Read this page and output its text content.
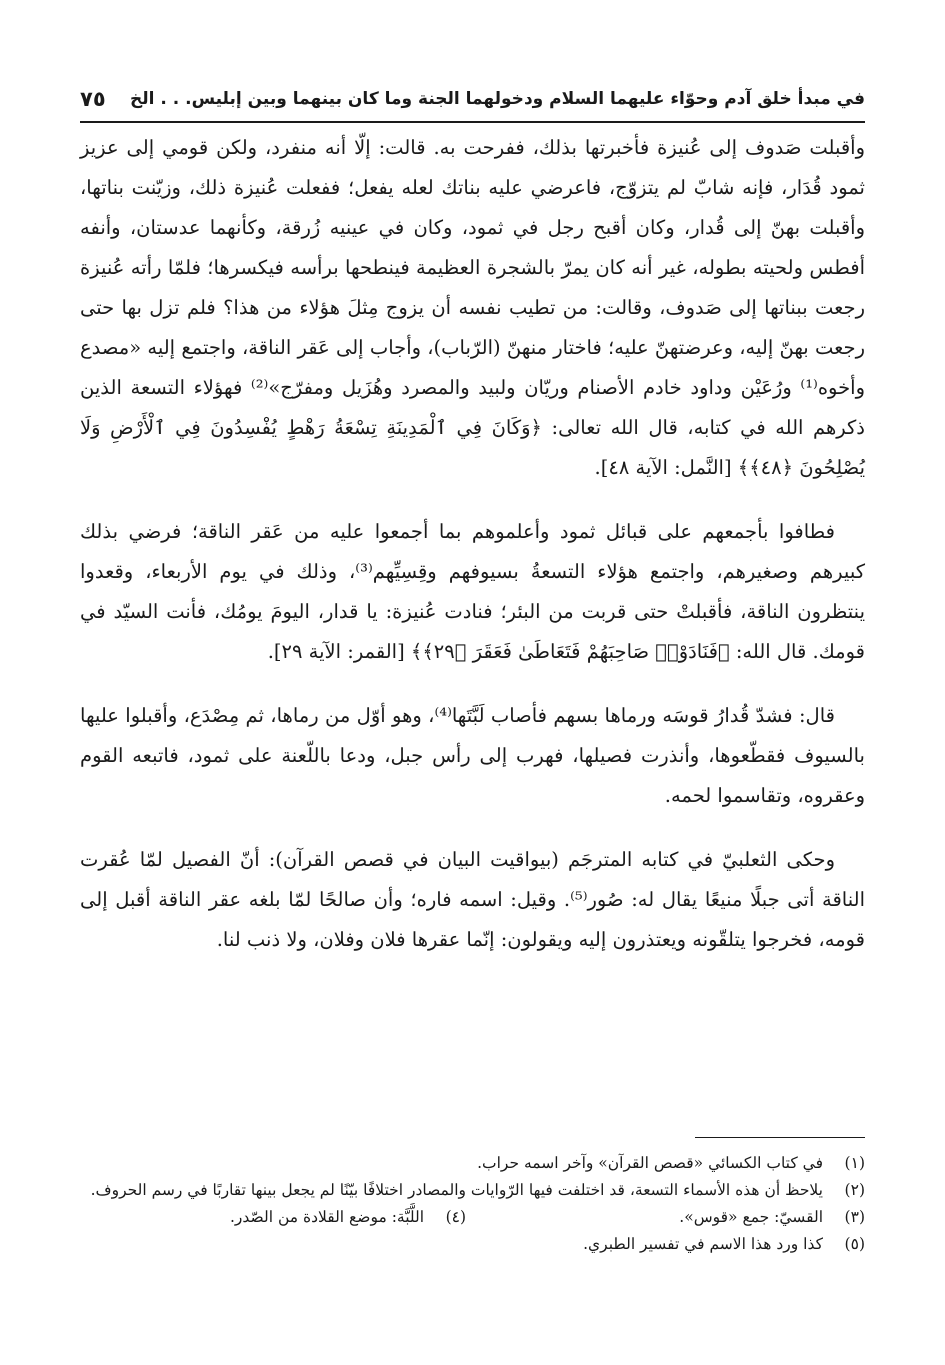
في مبدأ خلق آدم وحوّاء عليهما السلام ودخولهما الجنة وما كان بينهما وبين إبليس. . . الخ
٧٥

وأقبلت صَدوف إلى عُنيزة فأخبرتها بذلك، ففرحت به. قالت: إلّا أنه منفرد، ولكن قومي إلى عزيز ثمود قُدَار، فإنه شابّ لم يتزوّج، فاعرضي عليه بناتك لعله يفعل؛ ففعلت عُنيزة ذلك، وزيّنت بناتها، وأقبلت بهنّ إلى قُدار، وكان أقبح رجل في ثمود، وكان في عينيه زُرقة، وكأنهما عدستان، وأنفه أفطس ولحيته بطوله، غير أنه كان يمرّ بالشجرة العظيمة فينطحها برأسه فيكسرها؛ فلمّا رأته عُنيزة رجعت ببناتها إلى صَدوف، وقالت: من تطيب نفسه أن يزوج مِثلَ هؤلاء من هذا؟ فلم تزل بها حتى رجعت بهنّ إليه، وعرضتهنّ عليه؛ فاختار منهنّ (الرّباب)، وأجاب إلى عَقر الناقة، واجتمع إليه «مصدع وأخوه⁽¹⁾ ورُعَيْن وداود خادم الأصنام وريّان ولبيد والمصرد وهُزَيل ومفرّج»⁽²⁾ فهؤلاء التسعة الذين ذكرهم الله في كتابه، قال الله تعالى: ﴿وَكَانَ فِي ٱلْمَدِينَةِ تِسْعَةُ رَهْطٍ يُفْسِدُونَ فِي ٱلْأَرْضِ وَلَا يُصْلِحُونَ ﴿٤٨﴾﴾ [النَّمل: الآية ٤٨].

فطافوا بأجمعهم على قبائل ثمود وأعلموهم بما أجمعوا عليه من عَقر الناقة؛ فرضي بذلك كبيرهم وصغيرهم، واجتمع هؤلاء التسعةُ بسيوفهم وقِسِيِّهم⁽³⁾، وذلك في يوم الأربعاء، وقعدوا ينتظرون الناقة، فأقبلتْ حتى قربت من البئر؛ فنادت عُنيزة: يا قدار، اليومَ يومُك، فأنت السيّد في قومك. قال الله: ﴿فَنَادَوْا۟ صَاحِبَهُمْ فَتَعَاطَىٰ فَعَقَرَ ﴿٢٩﴾﴾ [القمر: الآية ٢٩].

قال: فشدّ قُدارُ قوسَه ورماها بسهم فأصاب لَبَّتَها⁽⁴⁾، وهو أوّل من رماها، ثم مِصْدَع، وأقبلوا عليها بالسيوف فقطّعوها، وأنذرت فصيلها، فهرب إلى رأس جبل، ودعا باللّعنة على ثمود، فاتبعه القوم وعقروه، وتقاسموا لحمه.

وحكى الثعلبيّ في كتابه المترجَم (بيواقيت البيان في قصص القرآن): أنّ الفصيل لمّا عُقرت الناقة أتى جبلًا منيعًا يقال له: صُور⁽⁵⁾. وقيل: اسمه فاره؛ وأن صالحًا لمّا بلغه عقر الناقة أقبل إلى قومه، فخرجوا يتلقّونه ويعتذرون إليه ويقولون: إنّما عقرها فلان وفلان، ولا ذنب لنا.

(١)
في كتاب الكسائي «قصص القرآن» وآخر اسمه حراب.
(٢)
يلاحظ أن هذه الأسماء التسعة، قد اختلفت فيها الرّوايات والمصادر اختلافًا بيّنًا لم يجعل بينها تقاربًا في رسم الحروف.
(٣)
القسيّ: جمع «قوس».
(٤)
اللَّبَّة: موضع القلادة من الصّدر.
(٥)
كذا ورد هذا الاسم في تفسير الطبري.
